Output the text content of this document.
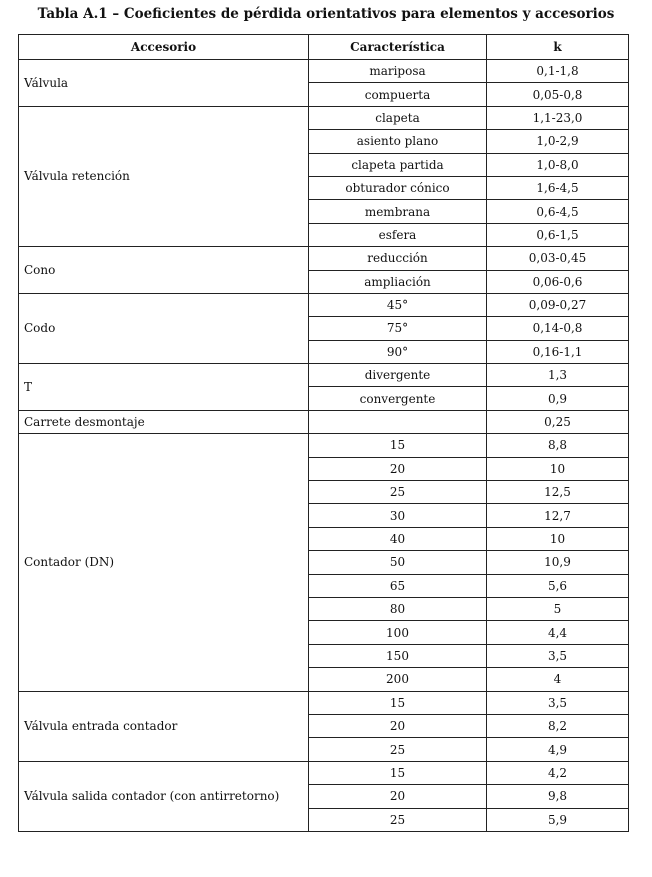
Tabla A.1 – Coeficientes de pérdida orientativos para elementos y accesorios
Accesorio	Característica	k
Válvula	mariposa	0,1-1,8
	compuerta	0,05-0,8
Válvula retención	clapeta	1,1-23,0
	asiento plano	1,0-2,9
	clapeta partida	1,0-8,0
	obturador cónico	1,6-4,5
	membrana	0,6-4,5
	esfera	0,6-1,5
Cono	reducción	0,03-0,45
	ampliación	0,06-0,6
Codo	45°	0,09-0,27
	75°	0,14-0,8
	90°	0,16-1,1
T	divergente	1,3
	convergente	0,9
Carrete desmontaje		0,25
Contador (DN)	15	8,8
	20	10
	25	12,5
	30	12,7
	40	10
	50	10,9
	65	5,6
	80	5
	100	4,4
	150	3,5
	200	4
Válvula entrada contador	15	3,5
	20	8,2
	25	4,9
Válvula salida contador (con antirretorno)	15	4,2
	20	9,8
	25	5,9
